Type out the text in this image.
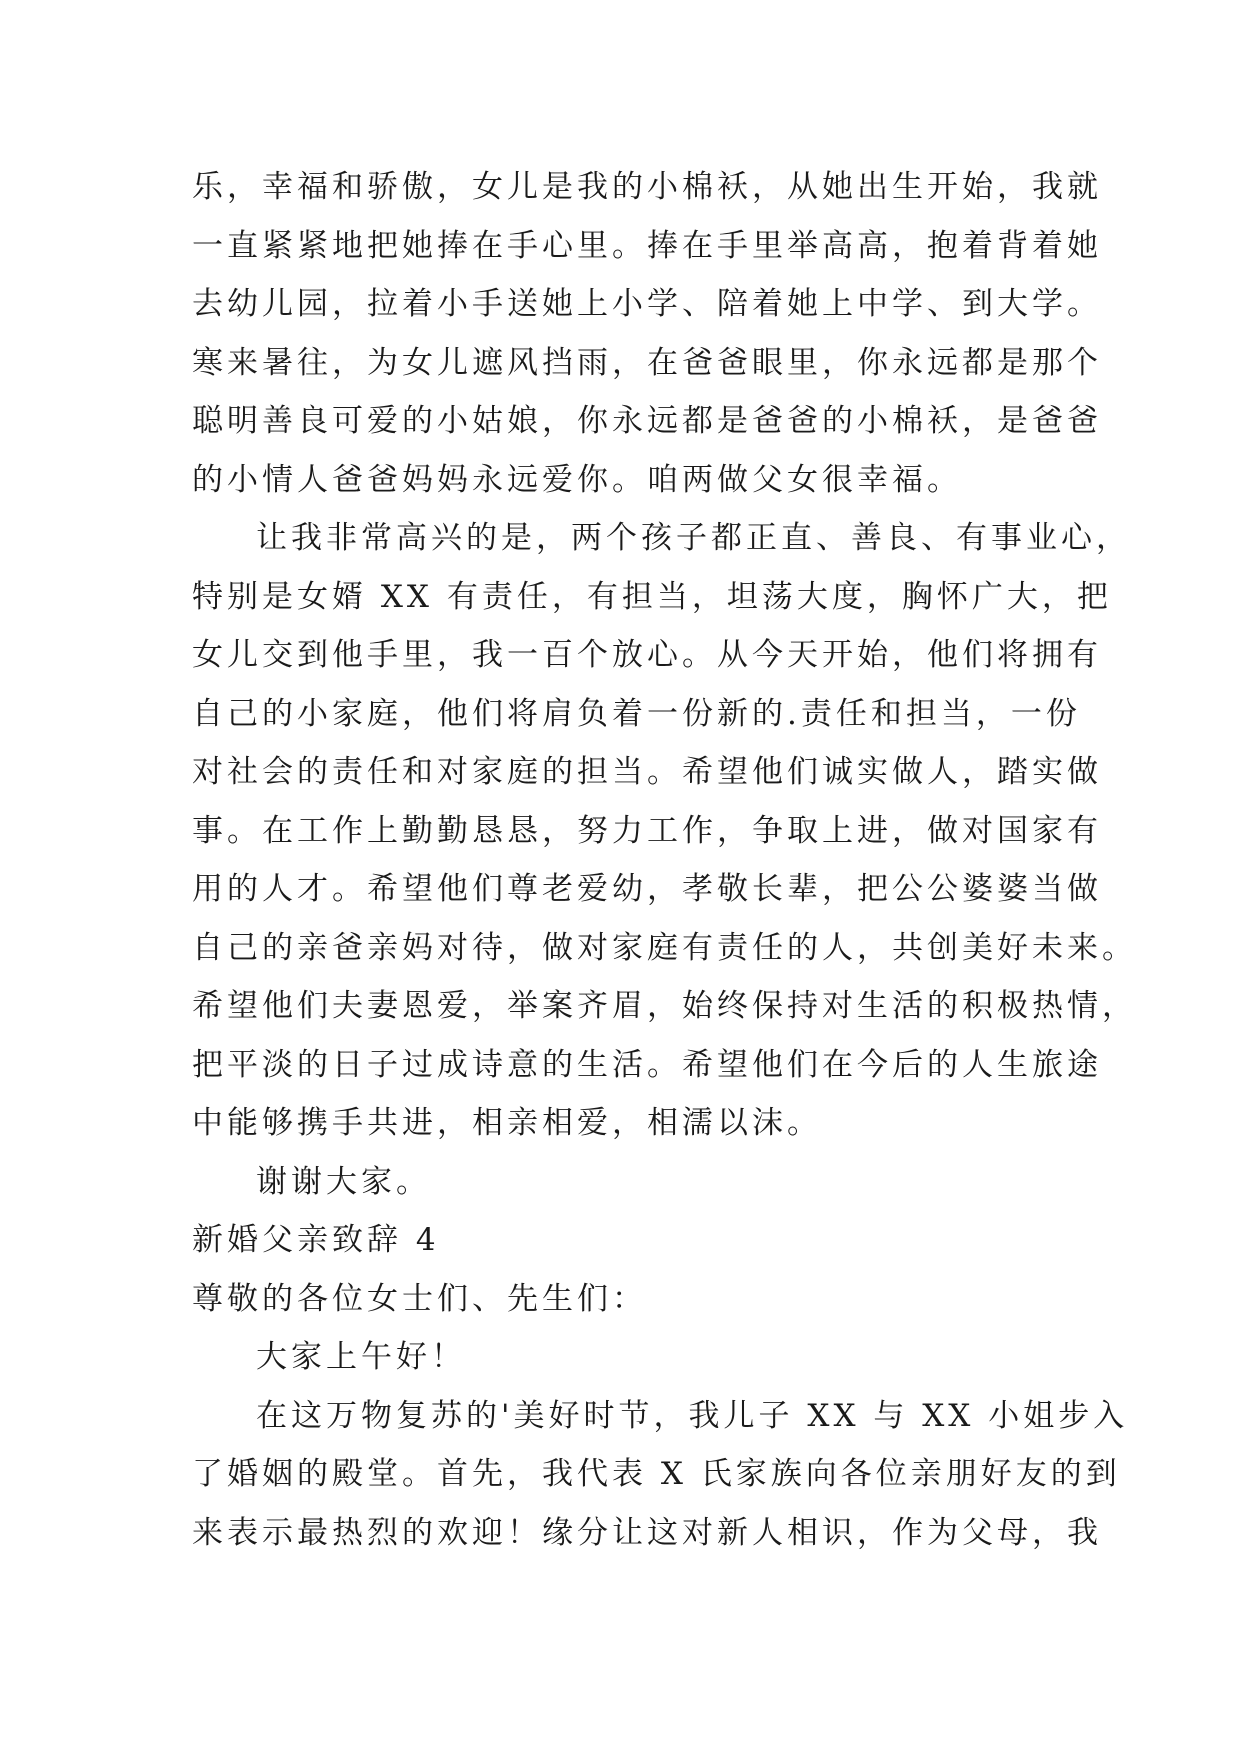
乐，幸福和骄傲，女儿是我的小棉袄，从她出生开始，我就
一直紧紧地把她捧在手心里。捧在手里举高高，抱着背着她
去幼儿园，拉着小手送她上小学、陪着她上中学、到大学。
寒来暑往，为女儿遮风挡雨，在爸爸眼里，你永远都是那个
聪明善良可爱的小姑娘，你永远都是爸爸的小棉袄，是爸爸
的小情人爸爸妈妈永远爱你。咱两做父女很幸福。
让我非常高兴的是，两个孩子都正直、善良、有事业心，
特别是女婿 XX 有责任，有担当，坦荡大度，胸怀广大，把
女儿交到他手里，我一百个放心。从今天开始，他们将拥有
自己的小家庭，他们将肩负着一份新的.责任和担当，一份
对社会的责任和对家庭的担当。希望他们诚实做人，踏实做
事。在工作上勤勤恳恳，努力工作，争取上进，做对国家有
用的人才。希望他们尊老爱幼，孝敬长辈，把公公婆婆当做
自己的亲爸亲妈对待，做对家庭有责任的人，共创美好未来。
希望他们夫妻恩爱，举案齐眉，始终保持对生活的积极热情，
把平淡的日子过成诗意的生活。希望他们在今后的人生旅途
中能够携手共进，相亲相爱，相濡以沫。
谢谢大家。
新婚父亲致辞 4
尊敬的各位女士们、先生们：
大家上午好！
在这万物复苏的'美好时节，我儿子 XX 与 XX 小姐步入
了婚姻的殿堂。首先，我代表 X 氏家族向各位亲朋好友的到
来表示最热烈的欢迎！缘分让这对新人相识，作为父母，我
